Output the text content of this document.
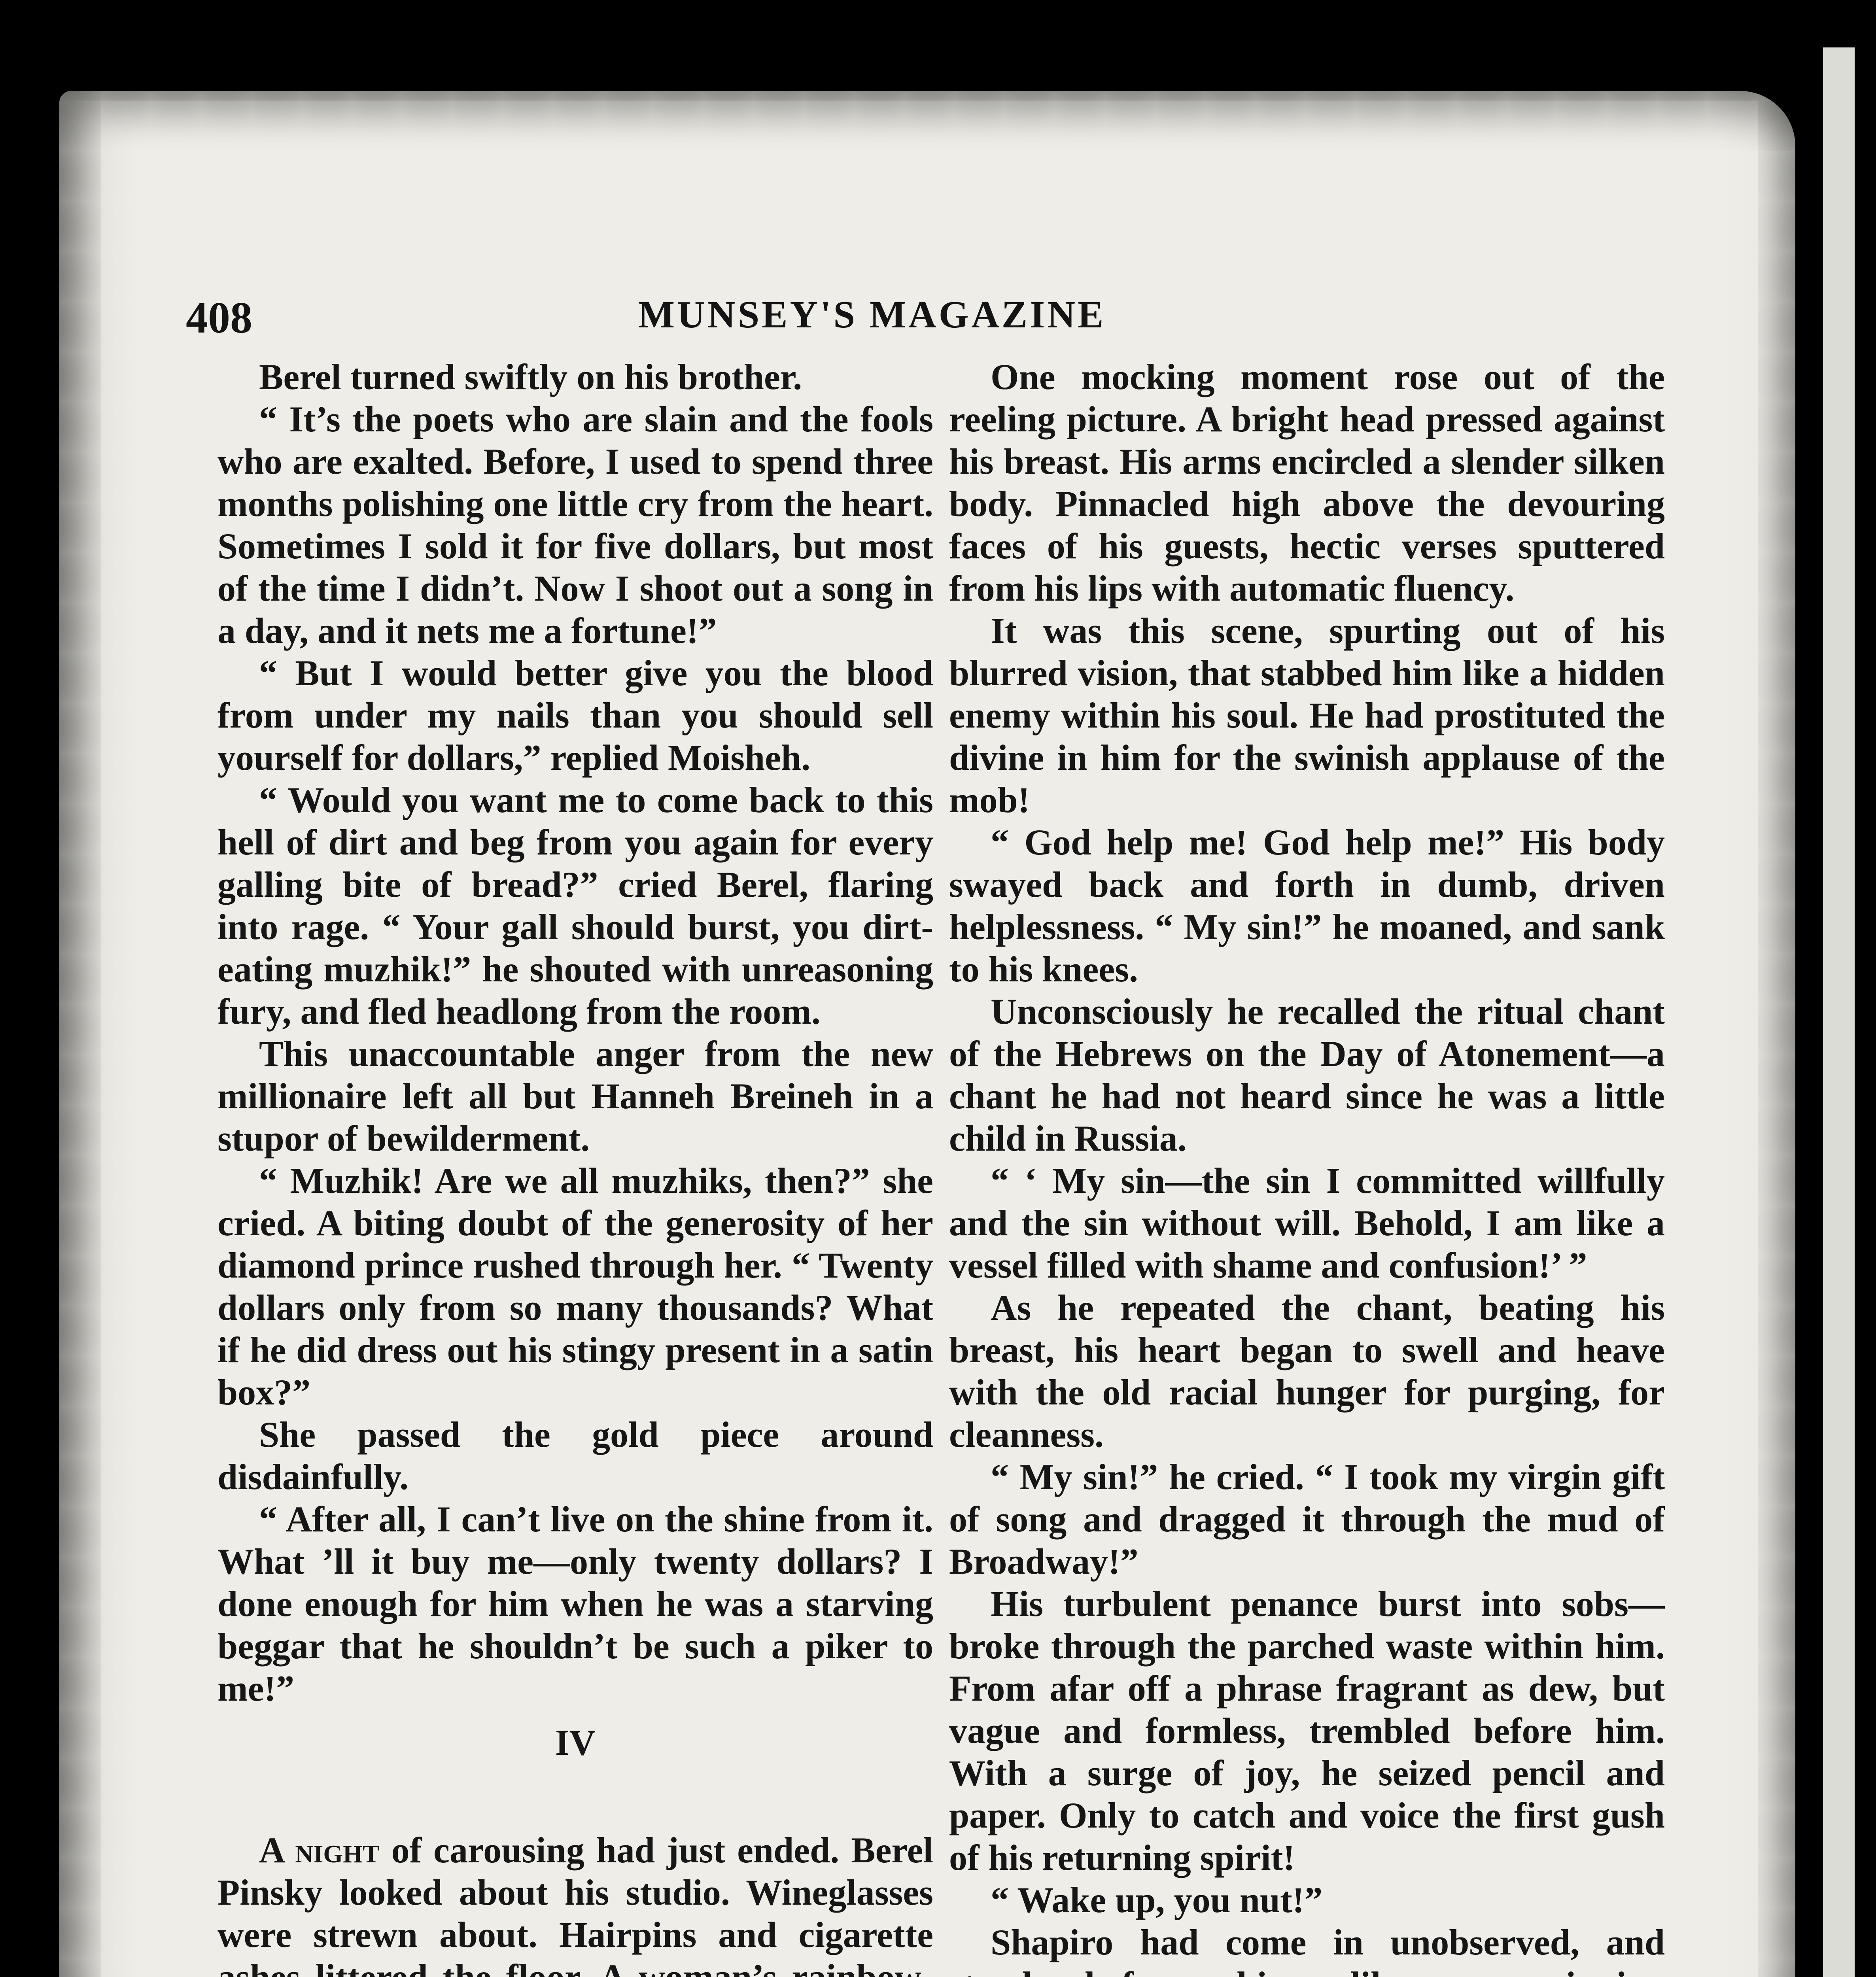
408	MUNSEY'S MAGAZINE

Berel turned swiftly on his brother.

“ It’s the poets who are slain and the fools who are exalted. Before, I used to spend three months polishing one little cry from the heart. Sometimes I sold it for five dollars, but most of the time I didn’t. Now I shoot out a song in a day, and it nets me a fortune!”

“ But I would better give you the blood from under my nails than you should sell yourself for dollars,” replied Moisheh.

“ Would you want me to come back to this hell of dirt and beg from you again for every galling bite of bread?” cried Berel, flaring into rage. “ Your gall should burst, you dirt-eating muzhik!” he shouted with unreasoning fury, and fled headlong from the room.

This unaccountable anger from the new millionaire left all but Hanneh Breineh in a stupor of bewilderment.

“ Muzhik! Are we all muzhiks, then?” she cried. A biting doubt of the generosity of her diamond prince rushed through her. “ Twenty dollars only from so many thousands? What if he did dress out his stingy present in a satin box?”

She passed the gold piece around disdainfully.

“ After all, I can’t live on the shine from it. What ’ll it buy me—only twenty dollars? I done enough for him when he was a starving beggar that he shouldn’t be such a piker to me!”

IV

A night of carousing had just ended. Berel Pinsky looked about his studio. Wineglasses were strewn about. Hairpins and cigarette ashes littered the floor. A woman’s rainbow-

One mocking moment rose out of the reeling picture. A bright head pressed against his breast. His arms encircled a slender silken body. Pinnacled high above the devouring faces of his guests, hectic verses sputtered from his lips with automatic fluency.

It was this scene, spurting out of his blurred vision, that stabbed him like a hidden enemy within his soul. He had prostituted the divine in him for the swinish applause of the mob!

“ God help me! God help me!” His body swayed back and forth in dumb, driven helplessness. “ My sin!” he moaned, and sank to his knees.

Unconsciously he recalled the ritual chant of the Hebrews on the Day of Atonement—a chant he had not heard since he was a little child in Russia.

“ ‘ My sin—the sin I committed willfully and the sin without will. Behold, I am like a vessel filled with shame and confusion!’ ”

As he repeated the chant, beating his breast, his heart began to swell and heave with the old racial hunger for purging, for cleanness.

“ My sin!” he cried. “ I took my virgin gift of song and dragged it through the mud of Broadway!”

His turbulent penance burst into sobs—broke through the parched waste within him. From afar off a phrase fragrant as dew, but vague and formless, trembled before him. With a surge of joy, he seized pencil and paper. Only to catch and voice the first gush of his returning spirit!

“ Wake up, you nut!”

Shapiro had come in unobserved, and
